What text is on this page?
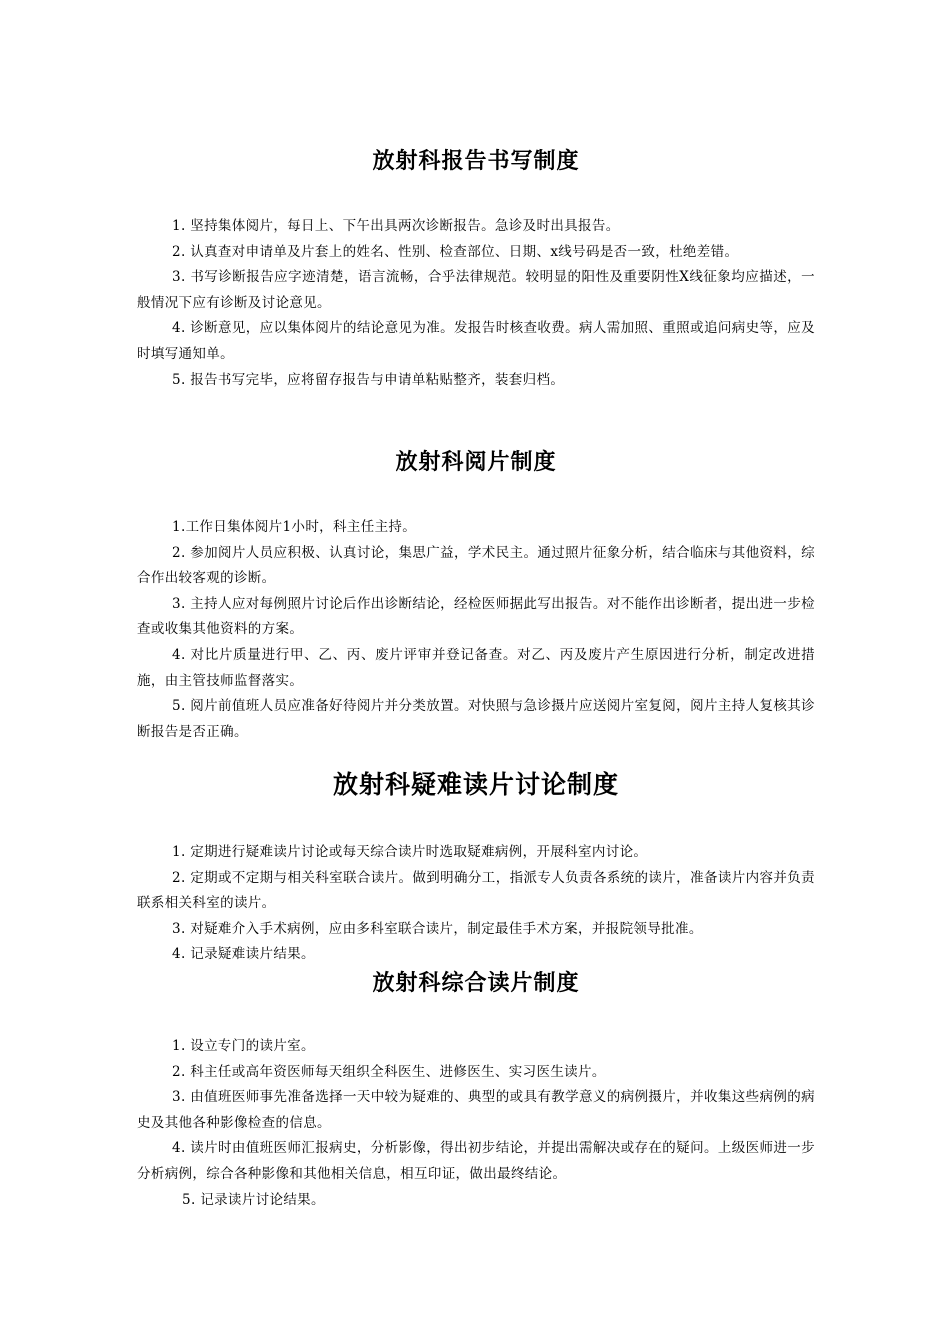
放射科报告书写制度

1. 坚持集体阅片，每日上、下午出具两次诊断报告。急诊及时出具报告。

2. 认真查对申请单及片套上的姓名、性别、检查部位、日期、x线号码是否一致，杜绝差错。

3. 书写诊断报告应字迹清楚，语言流畅，合乎法律规范。较明显的阳性及重要阴性X线征象均应描述，一般情况下应有诊断及讨论意见。

4. 诊断意见，应以集体阅片的结论意见为准。发报告时核查收费。病人需加照、重照或追问病史等，应及时填写通知单。

5. 报告书写完毕，应将留存报告与申请单粘贴整齐，装套归档。

放射科阅片制度

1.工作日集体阅片1小时，科主任主持。

2. 参加阅片人员应积极、认真讨论，集思广益，学术民主。通过照片征象分析，结合临床与其他资料，综合作出较客观的诊断。

3. 主持人应对每例照片讨论后作出诊断结论，经检医师据此写出报告。对不能作出诊断者，提出进一步检查或收集其他资料的方案。

4. 对比片质量进行甲、乙、丙、废片评审并登记备查。对乙、丙及废片产生原因进行分析，制定改进措施，由主管技师监督落实。

5. 阅片前值班人员应准备好待阅片并分类放置。对快照与急诊摄片应送阅片室复阅，阅片主持人复核其诊断报告是否正确。

放射科疑难读片讨论制度

1. 定期进行疑难读片讨论或每天综合读片时选取疑难病例，开展科室内讨论。

2. 定期或不定期与相关科室联合读片。做到明确分工，指派专人负责各系统的读片，准备读片内容并负责联系相关科室的读片。

3. 对疑难介入手术病例，应由多科室联合读片，制定最佳手术方案，并报院领导批准。

4. 记录疑难读片结果。

放射科综合读片制度

1. 设立专门的读片室。

2. 科主任或高年资医师每天组织全科医生、进修医生、实习医生读片。

3. 由值班医师事先准备选择一天中较为疑难的、典型的或具有教学意义的病例摄片，并收集这些病例的病史及其他各种影像检查的信息。

4. 读片时由值班医师汇报病史，分析影像，得出初步结论，并提出需解决或存在的疑问。上级医师进一步分析病例，综合各种影像和其他相关信息，相互印证，做出最终结论。

5. 记录读片讨论结果。
